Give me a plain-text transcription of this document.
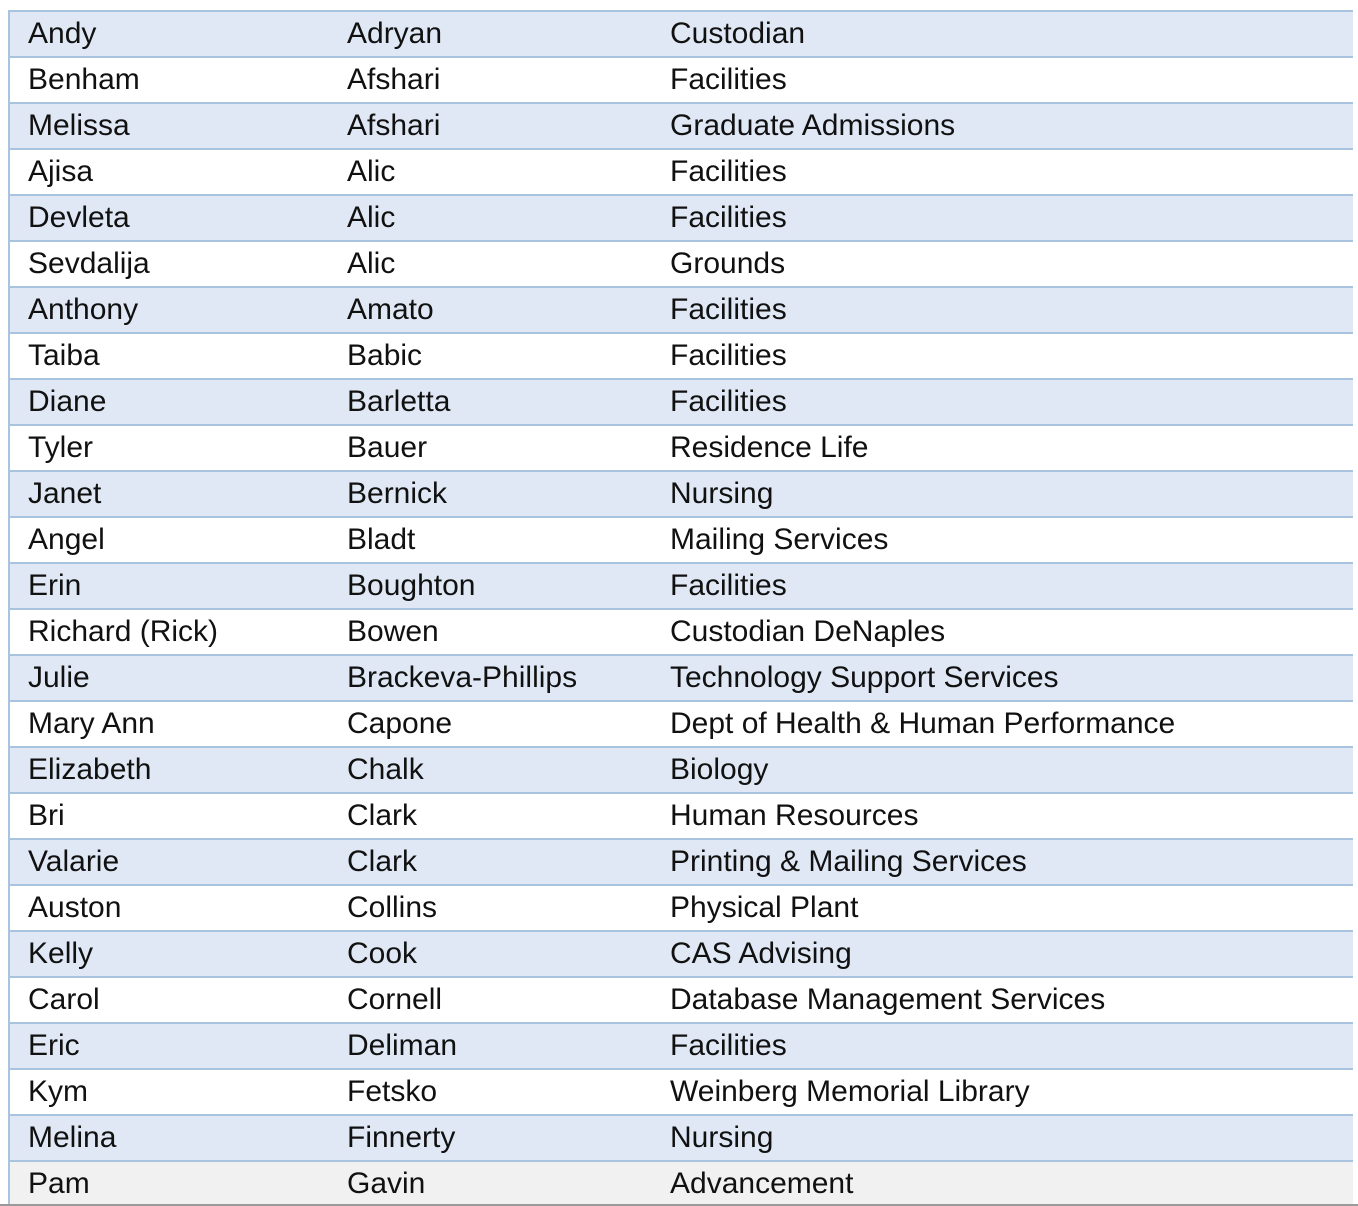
Andy	Adryan	Custodian
Benham	Afshari	Facilities
Melissa	Afshari	Graduate Admissions
Ajisa	Alic	Facilities
Devleta	Alic	Facilities
Sevdalija	Alic	Grounds
Anthony	Amato	Facilities
Taiba	Babic	Facilities
Diane	Barletta	Facilities
Tyler	Bauer	Residence Life
Janet	Bernick	Nursing
Angel	Bladt	Mailing Services
Erin	Boughton	Facilities
Richard (Rick)	Bowen	Custodian DeNaples
Julie	Brackeva-Phillips	Technology Support Services
Mary Ann	Capone	Dept of Health & Human Performance
Elizabeth	Chalk	Biology
Bri	Clark	Human Resources
Valarie	Clark	Printing & Mailing Services
Auston	Collins	Physical Plant
Kelly	Cook	CAS Advising
Carol	Cornell	Database Management Services
Eric	Deliman	Facilities
Kym	Fetsko	Weinberg Memorial Library
Melina	Finnerty	Nursing
Pam	Gavin	Advancement
